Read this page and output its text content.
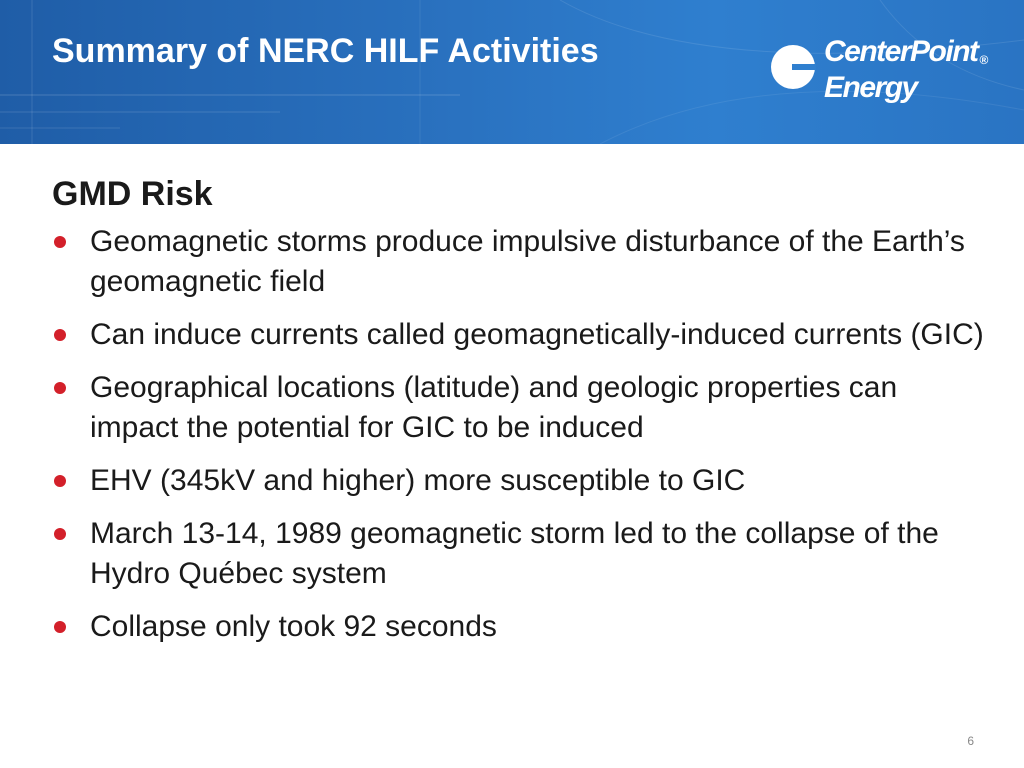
Summary of NERC HILF Activities	CenterPoint ®
Energy
GMD Risk
Geomagnetic storms produce impulsive disturbance of the Earth’s geomagnetic field
Can induce currents called geomagnetically-induced currents (GIC)
Geographical locations (latitude) and geologic properties can impact the potential for GIC to be induced
EHV (345kV and higher) more susceptible to GIC
March 13-14, 1989 geomagnetic storm led to the collapse of the Hydro Québec system
Collapse only took 92 seconds
6
